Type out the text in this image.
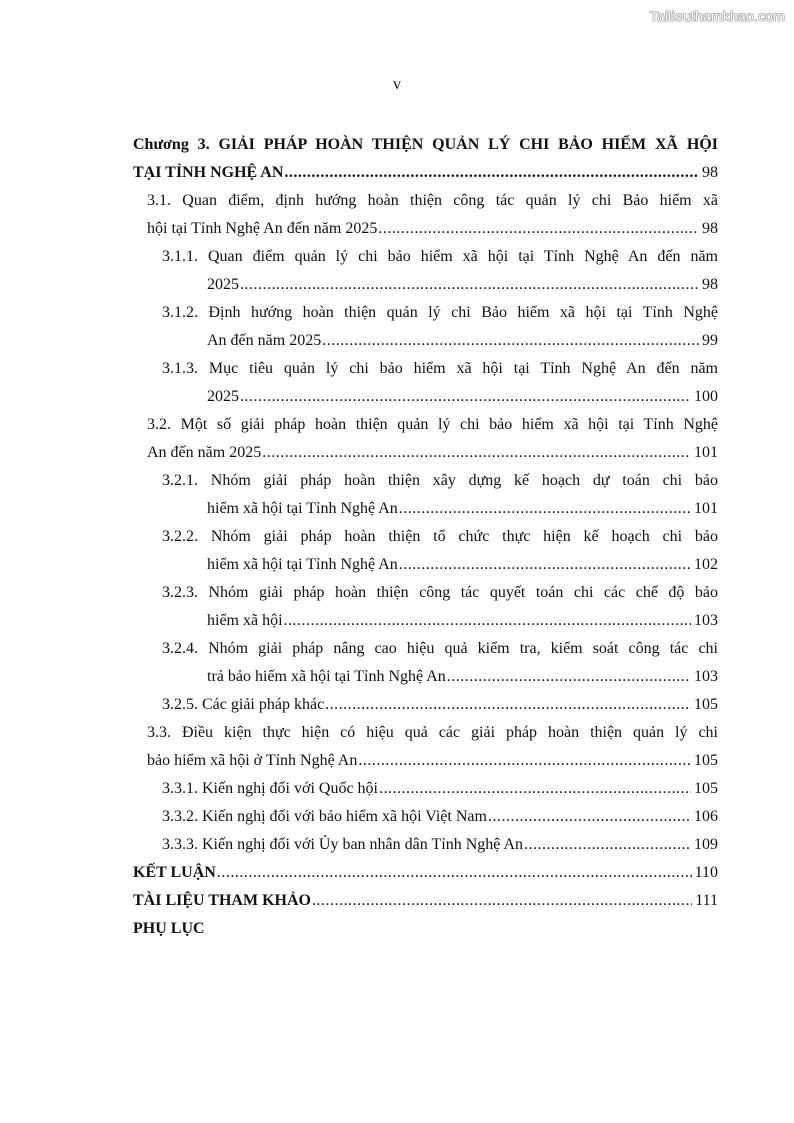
Tailieuthamkhao.com
v
Chương 3. GIẢI PHÁP HOÀN THIỆN QUẢN LÝ CHI BẢO HIỂM XÃ HỘI
TẠI TỈNH NGHỆ AN .....	98
3.1. Quan điểm, định hướng hoàn thiện công tác quản lý chi Bảo hiểm xã
hội tại Tỉnh Nghệ An đến năm 2025 .....	98
3.1.1. Quan điểm quản lý chi bảo hiểm xã hội tại Tỉnh Nghệ An đến năm
2025 .....	98
3.1.2. Định hướng hoàn thiện quản lý chi Bảo hiểm xã hội tại Tỉnh Nghệ
An đến năm 2025 .....	99
3.1.3. Mục tiêu quản lý chi bảo hiểm xã hội tại Tỉnh Nghệ An đến năm
2025 .....	100
3.2. Một số giải pháp hoàn thiện quản lý chi bảo hiểm xã hội tại Tỉnh Nghệ
An đến năm 2025 .....	101
3.2.1. Nhóm giải pháp hoàn thiện xây dựng kế hoạch dự toán chi bảo
hiểm xã hội tại Tỉnh Nghệ An .....	101
3.2.2. Nhóm giải pháp hoàn thiện tổ chức thực hiện kế hoạch chi bảo
hiểm xã hội tại Tỉnh Nghệ An .....	102
3.2.3. Nhóm giải pháp hoàn thiện công tác quyết toán chi các chế độ bảo
hiểm xã hội .....	103
3.2.4. Nhóm giải pháp nâng cao hiệu quả kiểm tra, kiểm soát công tác chi
trả bảo hiểm xã hội tại Tỉnh Nghệ An .....	103
3.2.5. Các giải pháp khác .....	105
3.3. Điều kiện thực hiện có hiệu quả các giải pháp hoàn thiện quản lý chi
bảo hiểm xã hội ở Tỉnh Nghệ An .....	105
3.3.1. Kiến nghị đối với Quốc hội .....	105
3.3.2. Kiến nghị đối với bảo hiểm xã hội Việt Nam .....	106
3.3.3. Kiến nghị đối với Ủy ban nhân dân Tỉnh Nghệ An .....	109
KẾT LUẬN .....	110
TÀI LIỆU THAM KHẢO .....	111
PHỤ LỤC
